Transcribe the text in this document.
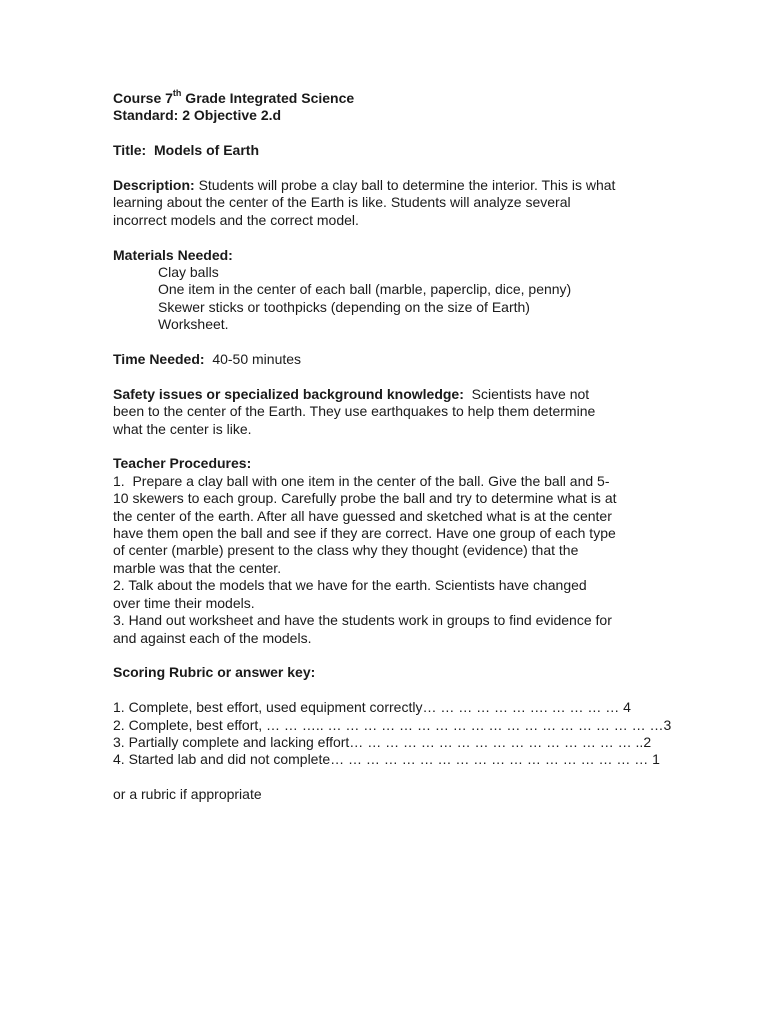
Course 7th Grade Integrated Science

Standard: 2 Objective 2.d

Title: Models of Earth

Description: Students will probe a clay ball to determine the interior. This is what

learning about the center of the Earth is like. Students will analyze several

incorrect models and the correct model.

Materials Needed:

Clay balls

One item in the center of each ball (marble, paperclip, dice, penny)

Skewer sticks or toothpicks (depending on the size of Earth)

Worksheet.

Time Needed:  40-50 minutes

Safety issues or specialized background knowledge:  Scientists have not

been to the center of the Earth. They use earthquakes to help them determine

what the center is like.

Teacher Procedures:

1.  Prepare a clay ball with one item in the center of the ball. Give the ball and 5-

10 skewers to each group. Carefully probe the ball and try to determine what is at

the center of the earth. After all have guessed and sketched what is at the center

have them open the ball and see if they are correct. Have one group of each type

of center (marble) present to the class why they thought (evidence) that the

marble was that the center.

2. Talk about the models that we have for the earth. Scientists have changed

over time their models.

3. Hand out worksheet and have the students work in groups to find evidence for

and against each of the models.

Scoring Rubric or answer key:

1. Complete, best effort, used equipment correctly… … … … … … …. … … … … 4

2. Complete, best effort, … … ….. … … … … … … … … … … … … … … … … … … …3

3. Partially complete and lacking effort… … … … … … … … … … … … … … … … ..2

4. Started lab and did not complete… … … … … … … … … … … … … … … … … … 1

or a rubric if appropriate
